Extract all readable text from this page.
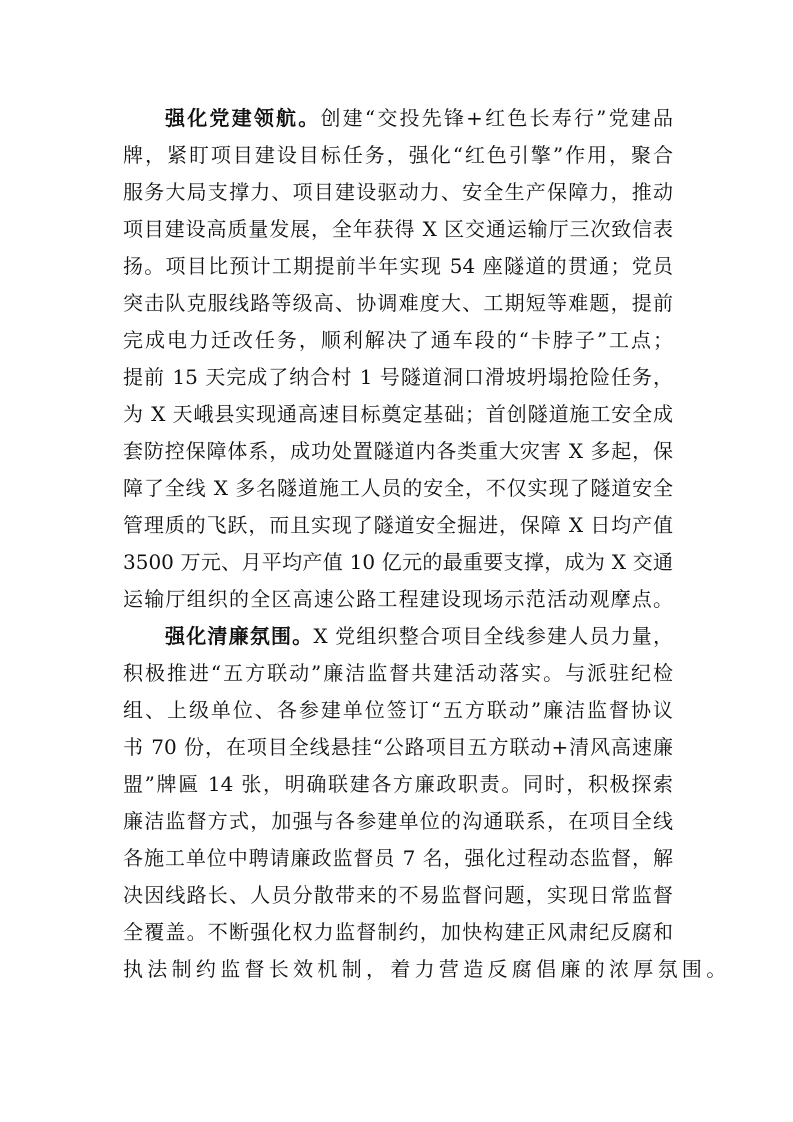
强化党建领航。创建“交投先锋+红色长寿行”党建品
牌，紧盯项目建设目标任务，强化“红色引擎”作用，聚合
服务大局支撑力、项目建设驱动力、安全生产保障力，推动
项目建设高质量发展，全年获得 X 区交通运输厅三次致信表
扬。项目比预计工期提前半年实现 54 座隧道的贯通；党员
突击队克服线路等级高、协调难度大、工期短等难题，提前
完成电力迁改任务，顺利解决了通车段的“卡脖子”工点；
提前 15 天完成了纳合村 1 号隧道洞口滑坡坍塌抢险任务，
为 X 天峨县实现通高速目标奠定基础；首创隧道施工安全成
套防控保障体系，成功处置隧道内各类重大灾害 X 多起，保
障了全线 X 多名隧道施工人员的安全，不仅实现了隧道安全
管理质的飞跃，而且实现了隧道安全掘进，保障 X 日均产值
3500 万元、月平均产值 10 亿元的最重要支撑，成为 X 交通
运输厅组织的全区高速公路工程建设现场示范活动观摩点。
强化清廉氛围。X 党组织整合项目全线参建人员力量，
积极推进“五方联动”廉洁监督共建活动落实。与派驻纪检
组、上级单位、各参建单位签订“五方联动”廉洁监督协议
书 70 份，在项目全线悬挂“公路项目五方联动+清风高速廉
盟”牌匾 14 张，明确联建各方廉政职责。同时，积极探索
廉洁监督方式，加强与各参建单位的沟通联系，在项目全线
各施工单位中聘请廉政监督员 7 名，强化过程动态监督，解
决因线路长、人员分散带来的不易监督问题，实现日常监督
全覆盖。不断强化权力监督制约，加快构建正风肃纪反腐和
执法制约监督长效机制，着力营造反腐倡廉的浓厚氛围。
